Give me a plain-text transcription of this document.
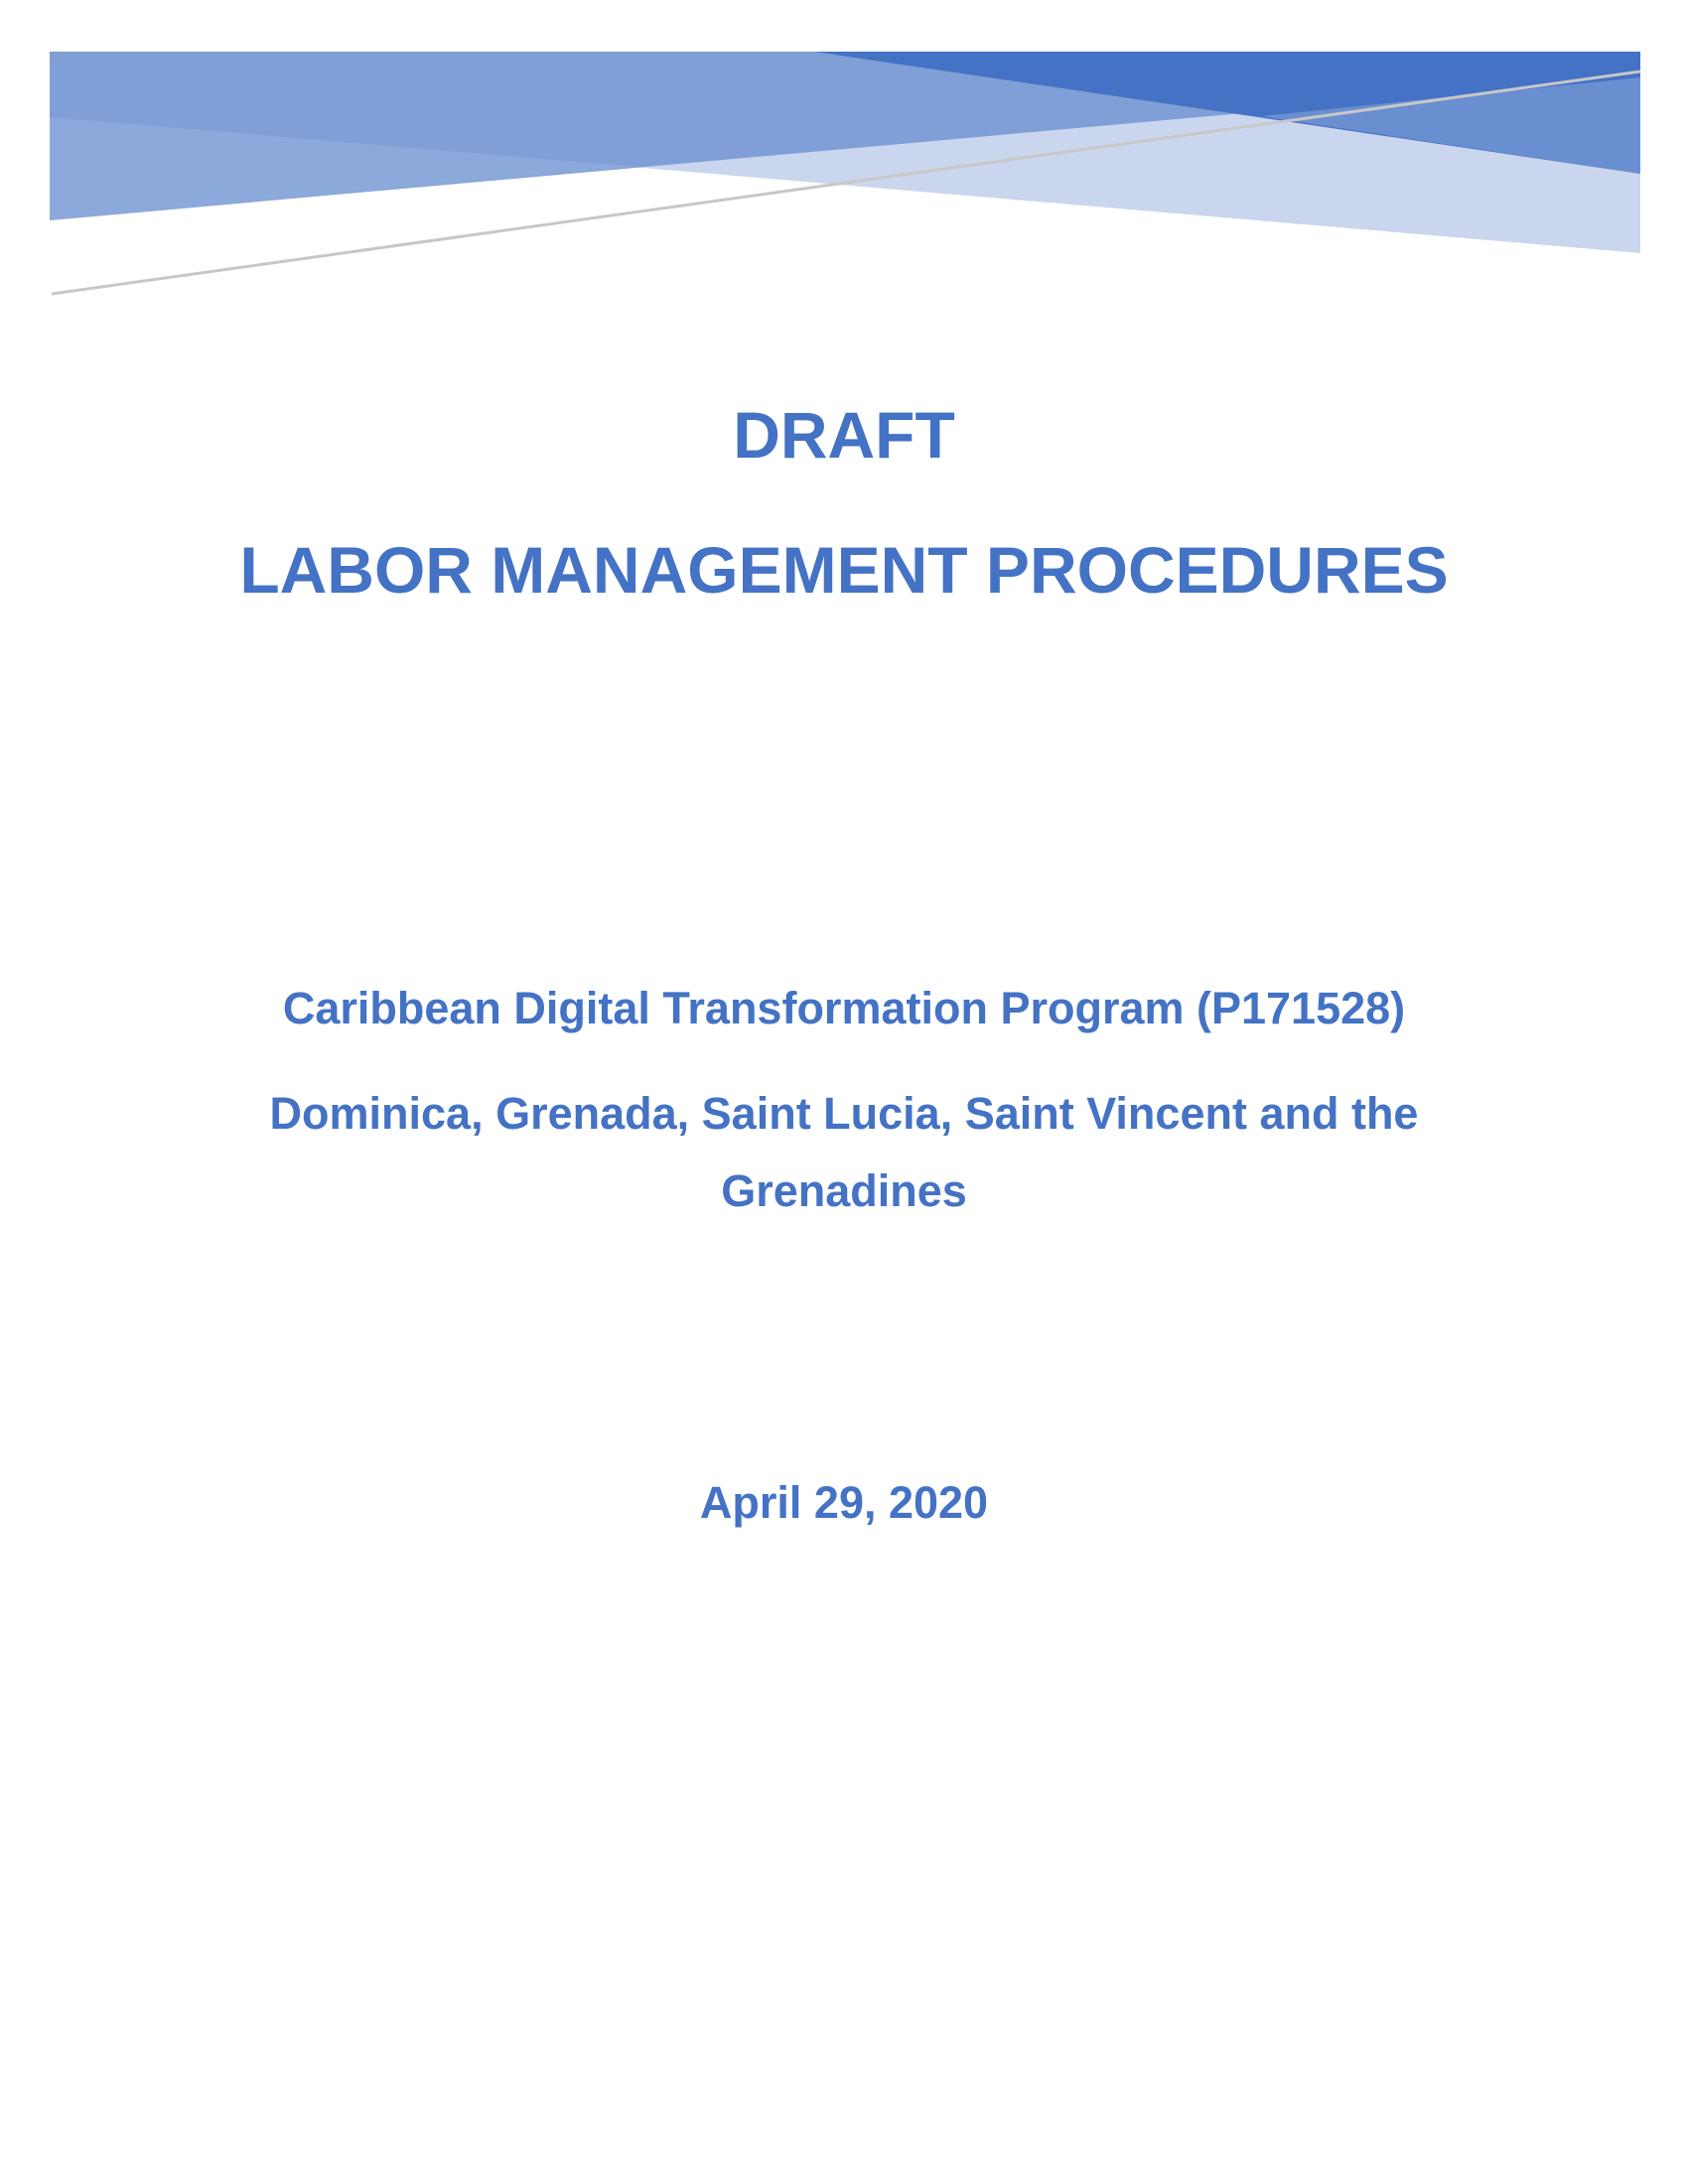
DRAFT
LABOR MANAGEMENT PROCEDURES
Caribbean Digital Transformation Program (P171528)
Dominica, Grenada, Saint Lucia, Saint Vincent and the
Grenadines
April 29, 2020
